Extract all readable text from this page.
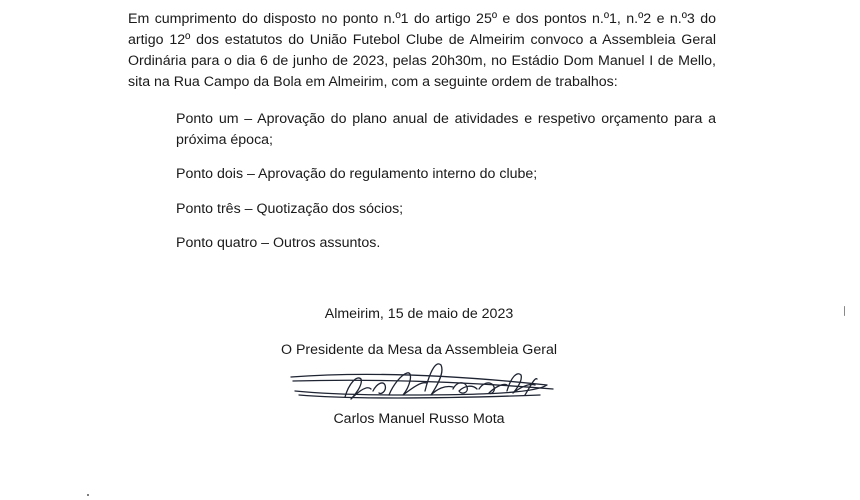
Em cumprimento do disposto no ponto n.º1 do artigo 25º e dos pontos n.º1, n.º2 e n.º3 do artigo 12º dos estatutos do União Futebol Clube de Almeirim convoco a Assembleia Geral Ordinária para o dia 6 de junho de 2023, pelas 20h30m, no Estádio Dom Manuel I de Mello, sita na Rua Campo da Bola em Almeirim, com a seguinte ordem de trabalhos:

Ponto um – Aprovação do plano anual de atividades e respetivo orçamento para a próxima época;

Ponto dois – Aprovação do regulamento interno do clube;

Ponto três – Quotização dos sócios;

Ponto quatro – Outros assuntos.

Almeirim, 15 de maio de 2023
O Presidente da Mesa da Assembleia Geral
Carlos Manuel Russo Mota
